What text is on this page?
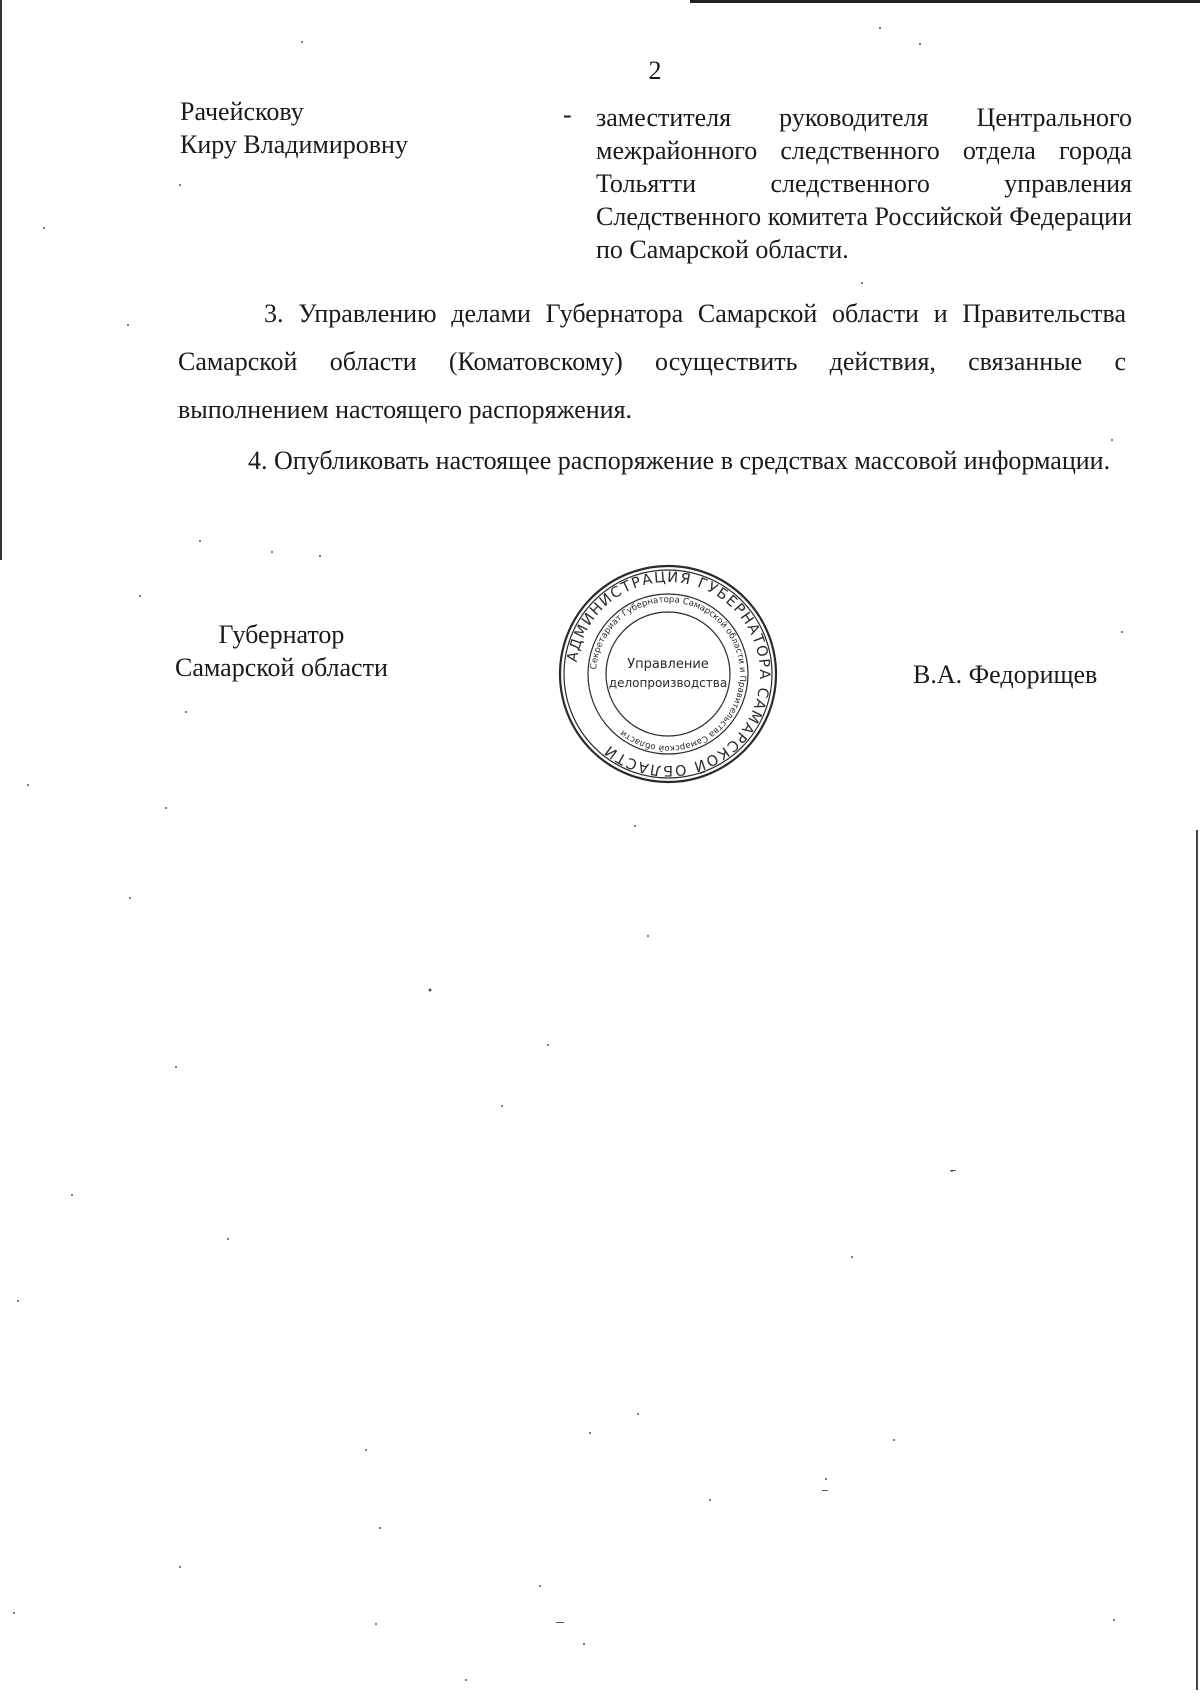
2
Рачейскову
Киру Владимировну
- заместителя руководителя Центрального межрайонного следственного отдела города Тольятти следственного управления Следственного комитета Российской Федерации по Самарской области.
3. Управлению делами Губернатора Самарской области и Правительства Самарской области (Коматовскому) осуществить действия, связанные с выполнением настоящего распоряжения.
4. Опубликовать настоящее распоряжение в средствах массовой информации.
Губернатор
Самарской области	АДМИНИСТРАЦИЯ ГУБЕРНАТОРА САМАРСКОЙ ОБЛАСТИ
Секретариат Губернатора Самарской области и Правительства Самарской области
Управление
делопроизводства	В.А. Федорищев
